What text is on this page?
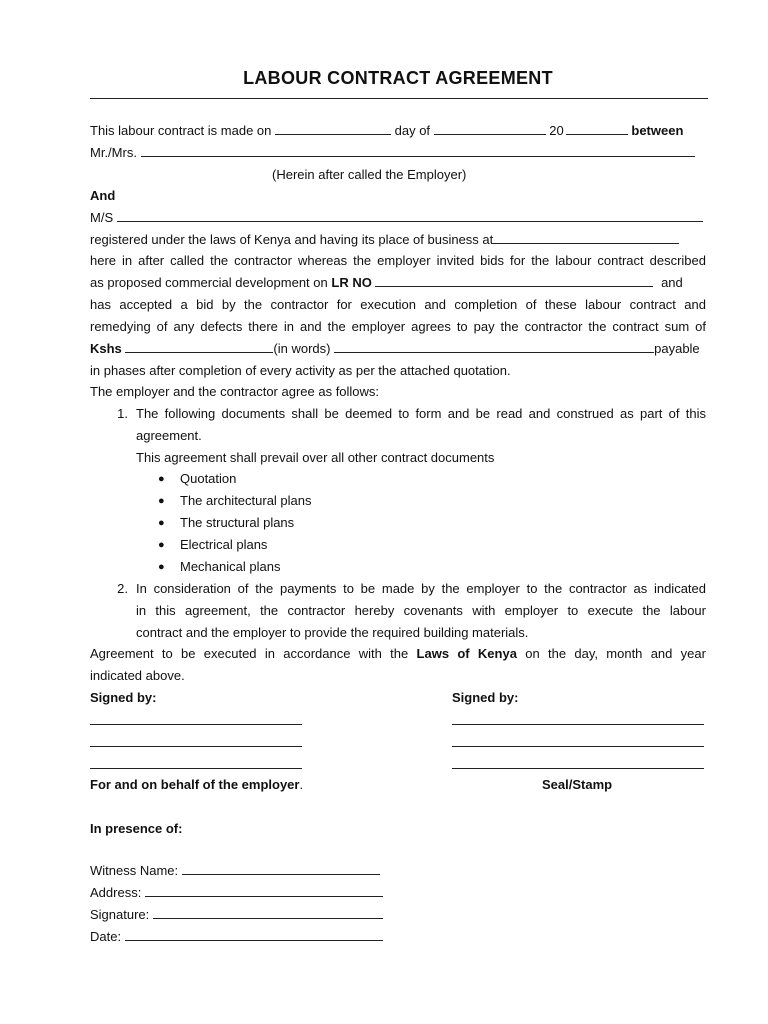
LABOUR CONTRACT AGREEMENT
This labour contract is made on	day of	20	between
Mr./Mrs.
(Herein after called the Employer)
And
M/S
registered under the laws of Kenya and having its place of business at
here in after called the contractor whereas the employer invited bids for the labour contract described
as proposed commercial development on LR NO	and
has accepted a bid by the contractor for execution and completion of these labour contract and
remedying of any defects there in and the employer agrees to pay the contractor the contract sum of
Kshs	(in words)	payable
in phases after completion of every activity as per the attached quotation.
The employer and the contractor agree as follows:
1. The following documents shall be deemed to form and be read and construed as part of this
agreement.
This agreement shall prevail over all other contract documents
● Quotation
● The architectural plans
● The structural plans
● Electrical plans
● Mechanical plans
2. In consideration of the payments to be made by the employer to the contractor as indicated
in this agreement, the contractor hereby covenants with employer to execute the labour
contract and the employer to provide the required building materials.
Agreement to be executed in accordance with the Laws of Kenya on the day, month and year
indicated above.
Signed by:	Signed by:
For and on behalf of the employer.	Seal/Stamp
In presence of:
Witness Name:
Address:
Signature:
Date:
